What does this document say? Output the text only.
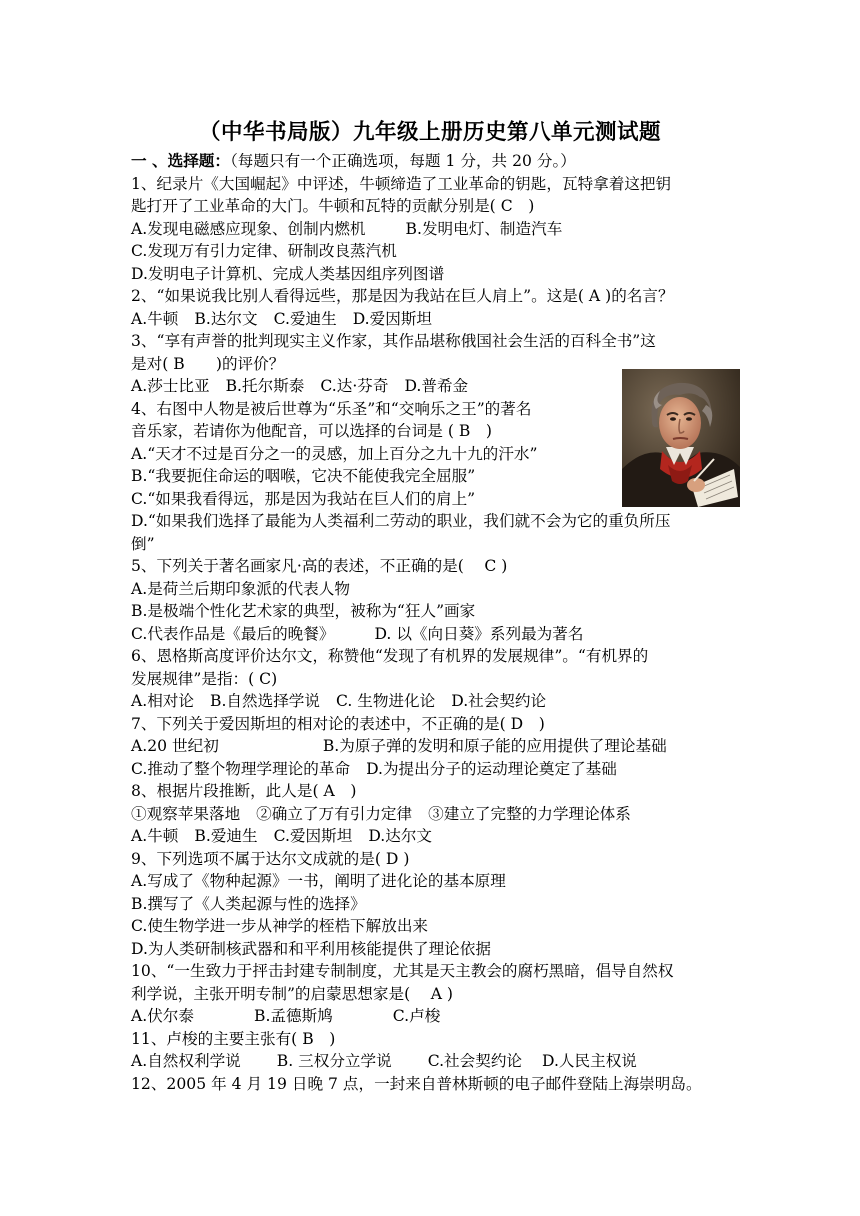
（中华书局版）九年级上册历史第八单元测试题
一 、选择题：（每题只有一个正确选项，每题 1 分，共 20 分。）
1、纪录片《大国崛起》中评述，牛顿缔造了工业革命的钥匙，瓦特拿着这把钥
匙打开了工业革命的大门。牛顿和瓦特的贡献分别是( C　)
A.发现电磁感应现象、创制内燃机	B.发明电灯、制造汽车
C.发现万有引力定律、研制改良蒸汽机
D.发明电子计算机、完成人类基因组序列图谱
2、“如果说我比别人看得远些，那是因为我站在巨人肩上”。这是( A )的名言？
A.牛顿 B.达尔文 C.爱迪生 D.爱因斯坦
3、“享有声誉的批判现实主义作家，其作品堪称俄国社会生活的百科全书”这
是对( B　　)的评价？
A.莎士比亚 B.托尔斯泰 C.达·芬奇 D.普希金
4、右图中人物是被后世尊为“乐圣”和“交响乐之王”的著名
音乐家，若请你为他配音，可以选择的台词是 ( B　)
A.“天才不过是百分之一的灵感，加上百分之九十九的汗水”
B.“我要扼住命运的咽喉，它决不能使我完全屈服”
C.“如果我看得远，那是因为我站在巨人们的肩上”
D.“如果我们选择了最能为人类福利二劳动的职业，我们就不会为它的重负所压
倒”
5、下列关于著名画家凡·高的表述，不正确的是(　 C )
A.是荷兰后期印象派的代表人物
B.是极端个性化艺术家的典型，被称为“狂人”画家
C.代表作品是《最后的晚餐》	D. 以《向日葵》系列最为著名
6、恩格斯高度评价达尔文，称赞他“发现了有机界的发展规律”。“有机界的
发展规律”是指：( C)
A.相对论 B.自然选择学说 C. 生物进化论 D.社会契约论
7、下列关于爱因斯坦的相对论的表述中，不正确的是( D　)
A.20 世纪初	B.为原子弹的发明和原子能的应用提供了理论基础
C.推动了整个物理学理论的革命 D.为提出分子的运动理论奠定了基础
8、根据片段推断，此人是( A　)
①观察苹果落地 ②确立了万有引力定律 ③建立了完整的力学理论体系
A.牛顿 B.爱迪生 C.爱因斯坦 D.达尔文
9、下列选项不属于达尔文成就的是( D )
A.写成了《物种起源》一书，阐明了进化论的基本原理
B.撰写了《人类起源与性的选择》
C.使生物学进一步从神学的桎梏下解放出来
D.为人类研制核武器和和平利用核能提供了理论依据
10、“一生致力于抨击封建专制制度，尤其是天主教会的腐朽黑暗，倡导自然权
利学说，主张开明专制”的启蒙思想家是(　 A )
A.伏尔泰	B.孟德斯鸠	C.卢梭
11、卢梭的主要主张有( B　)
A.自然权利学说 B. 三权分立学说 C.社会契约论 D.人民主权说
12、2005 年 4 月 19 日晚 7 点，一封来自普林斯顿的电子邮件登陆上海崇明岛。
